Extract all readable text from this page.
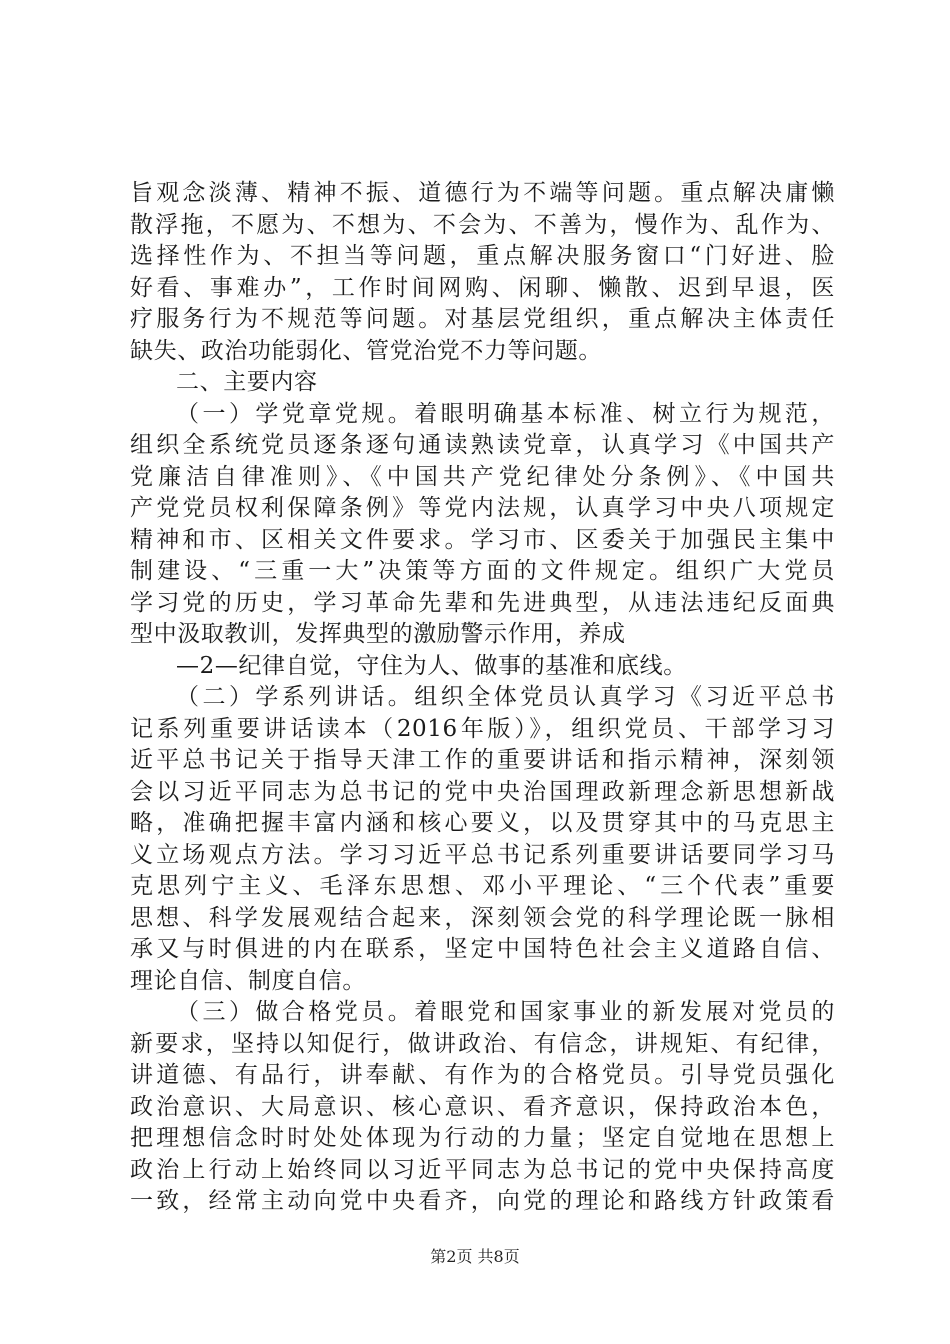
旨观念淡薄、精神不振、道德行为不端等问题。重点解决庸懒
散浮拖，不愿为、不想为、不会为、不善为，慢作为、乱作为、
选择性作为、不担当等问题，重点解决服务窗口“门好进、脸
好看、事难办”，工作时间网购、闲聊、懒散、迟到早退，医
疗服务行为不规范等问题。对基层党组织，重点解决主体责任
缺失、政治功能弱化、管党治党不力等问题。
二、主要内容
（一）学党章党规。着眼明确基本标准、树立行为规范，
组织全系统党员逐条逐句通读熟读党章，认真学习《中国共产
党廉洁自律准则》、《中国共产党纪律处分条例》、《中国共
产党党员权利保障条例》等党内法规，认真学习中央八项规定
精神和市、区相关文件要求。学习市、区委关于加强民主集中
制建设、“三重一大”决策等方面的文件规定。组织广大党员
学习党的历史，学习革命先辈和先进典型，从违法违纪反面典
型中汲取教训，发挥典型的激励警示作用，养成
—2—纪律自觉，守住为人、做事的基准和底线。
（二）学系列讲话。组织全体党员认真学习《习近平总书
记系列重要讲话读本（2016年版）》，组织党员、干部学习习
近平总书记关于指导天津工作的重要讲话和指示精神，深刻领
会以习近平同志为总书记的党中央治国理政新理念新思想新战
略，准确把握丰富内涵和核心要义，以及贯穿其中的马克思主
义立场观点方法。学习习近平总书记系列重要讲话要同学习马
克思列宁主义、毛泽东思想、邓小平理论、“三个代表”重要
思想、科学发展观结合起来，深刻领会党的科学理论既一脉相
承又与时俱进的内在联系，坚定中国特色社会主义道路自信、
理论自信、制度自信。
（三）做合格党员。着眼党和国家事业的新发展对党员的
新要求，坚持以知促行，做讲政治、有信念，讲规矩、有纪律，
讲道德、有品行，讲奉献、有作为的合格党员。引导党员强化
政治意识、大局意识、核心意识、看齐意识，保持政治本色，
把理想信念时时处处体现为行动的力量；坚定自觉地在思想上
政治上行动上始终同以习近平同志为总书记的党中央保持高度
一致，经常主动向党中央看齐，向党的理论和路线方针政策看
第2页 共8页
